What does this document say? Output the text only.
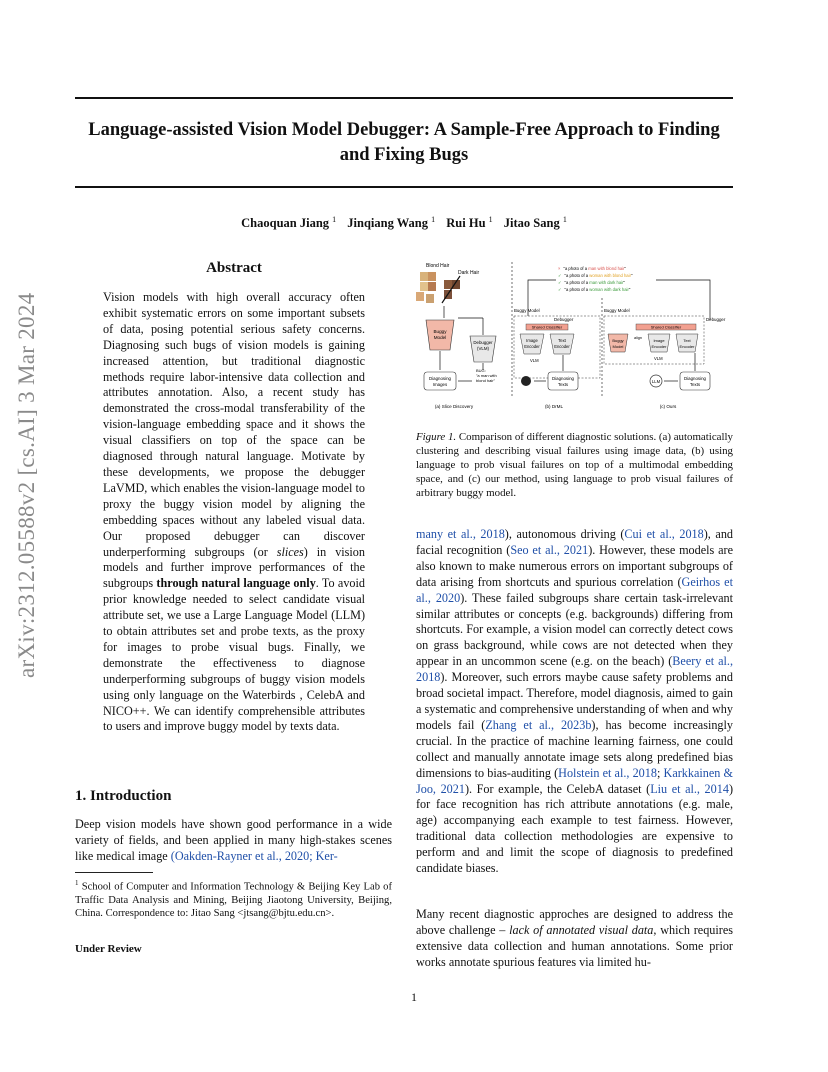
Language-assisted Vision Model Debugger: A Sample-Free Approach to Finding
and Fixing Bugs
Chaoquan Jiang $^1$ Jinqiang Wang $^1$ Rui Hu $^1$ Jitao Sang $^1$
arXiv:2312.05588v2 [cs.AI] 3 Mar 2024
Abstract
Vision models with high overall accuracy often exhibit systematic errors on some important subsets of data, posing potential serious safety concerns. Diagnosing such bugs of vision models is gaining increased attention, but traditional diagnostic methods require labor-intensive data collection and attributes annotation. Also, a recent study has demonstrated the cross-modal transferability of the vision-language embedding space and it shows the visual classifiers on top of the space can be diagnosed through natural language. Motivate by these developments, we propose the debugger LaVMD, which enables the vision-language model to proxy the buggy vision model by aligning the embedding spaces without any labeled visual data. Our proposed debugger can discover underperforming subgroups (or slices) in vision models and further improve performances of the subgroups through natural language only. To avoid prior knowledge needed to select candidate visual attribute set, we use a Large Language Model (LLM) to obtain attributes set and probe texts, as the proxy for images to probe visual bugs. Finally, we demonstrate the effectiveness to diagnose underperforming subgroups of buggy vision models using only language on the Waterbirds , CelebA and NICO++. We can identify comprehensible attributes to users and improve buggy model by texts data.
1. Introduction
Deep vision models have shown good performance in a wide variety of fields, and been applied in many high-stakes scenes like medical image (Oakden-Rayner et al., 2020; Ker-
$^1$ School of Computer and Information Technology & Beijing Key Lab of Traffic Data Analysis and Mining, Beijing Jiaotong University, Beijing, China. Correspondence to: Jitao Sang <jtsang@bjtu.edu.cn>.
Under Review
1
Blond Hair
Dark Hair
Buggy
Model
Debugger
(VLM)
Diagnosing
Images
BUG:
"a man with
blond hair"
(a) Slice Discovery
× "a photo of a man with blond hair"
✓ "a photo of a woman with blond hair"
✓ "a photo of a man with dark hair"
✓ "a photo of a woman with dark hair"
Buggy Model
Debugger
Shared Classifier
Image
Encoder
Text
Encoder
VLM
Diagnosing
Texts
(b) DrML
Buggy Model
Debugger
Shared Classifier
Buggy
Model
align	Image
Encoder
Text
Encoder
VLM
LLM
Diagnosing
Texts
(c) Ours
Figure 1. Comparison of different diagnostic solutions. (a) automatically clustering and describing visual failures using image data, (b) using language to prob visual failures on top of a multimodal embedding space, and (c) our method, using language to prob visual failures of arbitrary buggy model.
many et al., 2018), autonomous driving (Cui et al., 2018), and facial recognition (Seo et al., 2021). However, these models are also known to make numerous errors on important subgroups of data arising from shortcuts and spurious correlation (Geirhos et al., 2020). These failed subgroups share certain task-irrelevant similar attributes or concepts (e.g. backgrounds) differing from shortcuts. For example, a vision model can correctly detect cows on grass background, while cows are not detected when they appear in an uncommon scene (e.g. on the beach) (Beery et al., 2018). Moreover, such errors maybe cause safety problems and broad societal impact. Therefore, model diagnosis, aimed to gain a systematic and comprehensive understanding of when and why models fail (Zhang et al., 2023b), has become increasingly crucial. In the practice of machine learning fairness, one could collect and manually annotate image sets along predefined bias dimensions to bias-auditing (Holstein et al., 2018; Karkkainen & Joo, 2021). For example, the CelebA dataset (Liu et al., 2014) for face recognition has rich attribute annotations (e.g. male, age) accompanying each example to test fairness. However, traditional data collection methodologies are expensive to perform and and limit the scope of diagnosis to predefined candidate biases.
Many recent diagnostic approches are designed to address the above challenge – lack of annotated visual data, which requires extensive data collection and human annotations. Some prior works annotate spurious features via limited hu-
